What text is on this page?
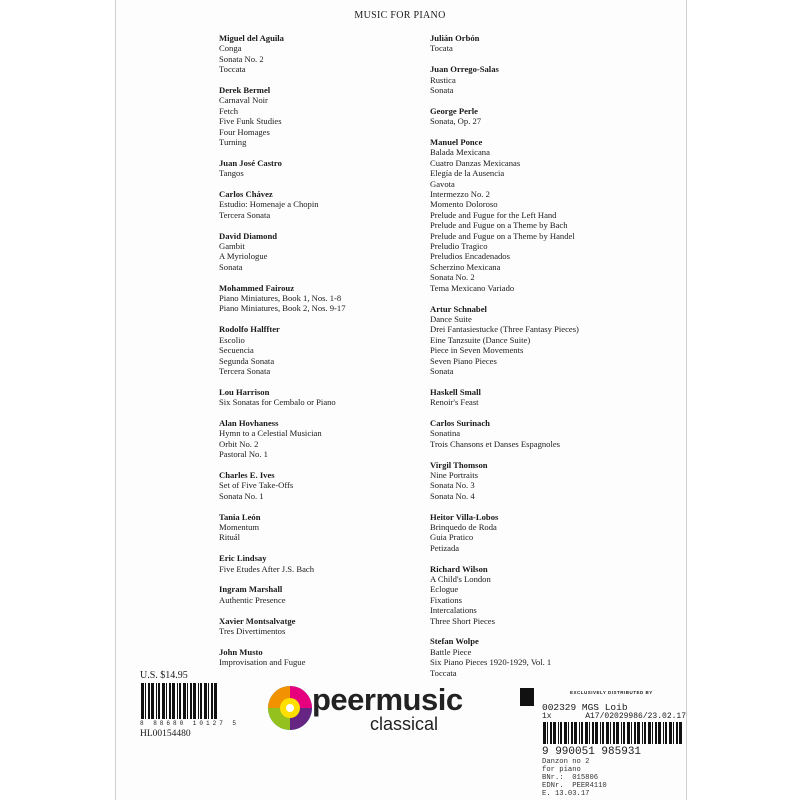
MUSIC FOR PIANO
Miguel del Aguila
Conga
Sonata No. 2
Toccata
Derek Bermel
Carnaval Noir
Fetch
Five Funk Studies
Four Homages
Turning
Juan José Castro
Tangos
Carlos Chávez
Estudio: Homenaje a Chopin
Tercera Sonata
David Diamond
Gambit
A Myriologue
Sonata
Mohammed Fairouz
Piano Miniatures, Book 1, Nos. 1-8
Piano Miniatures, Book 2, Nos. 9-17
Rodolfo Halffter
Escolio
Secuencia
Segunda Sonata
Tercera Sonata
Lou Harrison
Six Sonatas for Cembalo or Piano
Alan Hovhaness
Hymn to a Celestial Musician
Orbit No. 2
Pastoral No. 1
Charles E. Ives
Set of Five Take-Offs
Sonata No. 1
Tania León
Momentum
Rituál
Eric Lindsay
Five Etudes After J.S. Bach
Ingram Marshall
Authentic Presence
Xavier Montsalvatge
Tres Divertimentos
John Musto
Improvisation and Fugue
Julián Orbón
Tocata
Juan Orrego-Salas
Rustica
Sonata
George Perle
Sonata, Op. 27
Manuel Ponce
Balada Mexicana
Cuatro Danzas Mexicanas
Elegía de la Ausencia
Gavota
Intermezzo No. 2
Momento Doloroso
Prelude and Fugue for the Left Hand
Prelude and Fugue on a Theme by Bach
Prelude and Fugue on a Theme by Handel
Preludio Tragico
Preludios Encadenados
Scherzino Mexicana
Sonata No. 2
Tema Mexicano Variado
Artur Schnabel
Dance Suite
Drei Fantasiestucke (Three Fantasy Pieces)
Eine Tanzsuite (Dance Suite)
Piece in Seven Movements
Seven Piano Pieces
Sonata
Haskell Small
Renoir's Feast
Carlos Surinach
Sonatina
Trois Chansons et Danses Espagnoles
Virgil Thomson
Nine Portraits
Sonata No. 3
Sonata No. 4
Heitor Villa-Lobos
Brinquedo de Roda
Guia Pratico
Petizada
Richard Wilson
A Child's London
Eclogue
Fixations
Intercalations
Three Short Pieces
Stefan Wolpe
Battle Piece
Six Piano Pieces 1920-1929, Vol. 1
Toccata
U.S. $14.95
8 88680 10127 5
HL00154480
peermusic
classical
EXCLUSIVELY DISTRIBUTED BY
002329 MGS Loib
1x       A17/02029986/23.02.17
9 990051 985931
Danzon no 2
for piano
BNr.:  015806
EDNr.  PEER4110
E. 13.03.17
